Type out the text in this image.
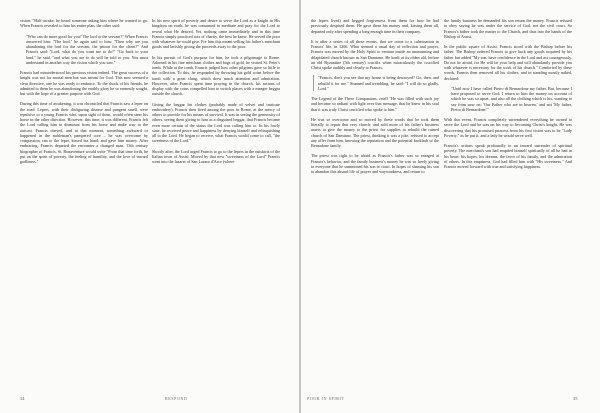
vision, "Half-awake, he heard someone asking him where he wanted to go. When Francis revealed to him his entire plan, the other said:

"Who can do more good for you? The lord or the servant?" When Francis answered him: "The lord," he again said to him: "Then why are you abandoning the lord for the servant, the patron for the client?" And Francis said: "Lord, what do you want me to do?" "Go back to your land," he said, "and what you are to do will be told to you. You must understand in another way the vision which you saw."

Francis had misunderstood his previous vision indeed. The great success of a knight was not for mortal men but was meant for God. This now seemed a clear directive, one he was ready to embrace. To the shock of his friends, he admitted to them he was abandoning the earthly glory he so earnestly sought, but with the hope of a greater purpose with God.

During this time of awakening, it was chronicled that Francis saw a leper on the road. Lepers, with their disfiguring disease and pungent smell, were repulsive to a young Francis who, upon sight of them, would often steer his horse in the other direction. However, this time, it was different. Francis felt the Lord calling him to dismount from his horse and make way to the outcast. Francis obeyed, and at that moment, something awkward or happened in the nobleman's pampered core – he was overcome by compassion, ran to the leper, kissed his hand, and gave him money. After embracing, Francis departed the encounter a changed man. 13th century biographer of Francis, St. Bonaventure would write "From that time forth, he put on the spirit of poverty, the feeling of humility, and the love of inward godliness."

In his new spirit of poverty and desire to serve the Lord as a knight in His kingdom on earth, he was consumed to meditate and pray for the Lord to reveal what He desired. Yet, nothing came immediately and in this time Francis simply practiced acts of charity, the best he knew. He served the poor with whatever he could give. For him this meant selling his father's merchant goods and lavishly giving the proceeds away to the poor.

In his pursuit of God's purpose for him, he took a pilgrimage to Rome. Adorned in his fine merchant clothes and bags of gold, he visited St. Peter's tomb. While at the tomb, Francis judged how other pilgrims gave so little to the collection. To this, he responded by throwing his gold coins before the tomb with a great clang, which drew much attention and admiration. However, after Francis spent time praying in the church, his actions of display with the coins compelled him to switch places with a meager beggar outside the church.

Giving the beggar his clothes (probably made of velvet and intricate embroidery), Francis then lived among the poor in Rome, at the mercy of others to provide for his means of survival. It was in seeing the generosity of others, seeing them giving to him as a disguised beggar, that Francis became even more certain of the status the Lord was calling him to. In his lowly state, he received peace and happiness by denying himself and relinquishing all to the Lord. He began to receive, what Francis would come to call, "the sweetness of the Lord."

Shortly after, the Lord urged Francis to go to the lepers in the outskirts of the Italian town of Assisi. Moved by that new "sweetness of the Lord" Francis went into the lazaret of San Lazaro d'Arce (where

34	RESPOND

the lepers lived) and begged forgiveness from them for how he had previously despised them. He gave them his money and, kissing them all, departed only after spending a long enough time in their company.

It is after a series of all these events, that we come to a culmination in Francis' life, in 1206. What seemed a usual day of reflection and prayer, Francis was moved by the Holy Spirit to venture inside an unassuming and dilapidated church known as San Damiano. He knelt at its olden old, before an old Byzantine (5th century) crucifix when miraculously the crucified Christ spoke audibly and clearly to Francis.

"Francis, don't you see that my house is being destroyed? Go, then, and rebuild it for me." Stunned and trembling, he said: "I will do so gladly, Lord."

The Legend of the Three Companions, retell "He was filled with such joy and became so radiant with light over that message, that he knew in his soul that it was truly Christ crucified who spoke to him."

He was so overcome and so moved by these words that he took them literally to repair that very church: and sold more of his father's business assets to give the money to the priest for supplies to rebuild the ruined church of San Damiano. The priest, thinking it was a joke, refused to accept any offer from him, knowing the reputation and the potential backlash of the Bernadone family.

The priest was right to be afraid as Francis's father was so enraged at Francis's behavior, and the family business's money he was so freely giving to everyone that he summoned his son to court. In hopes of shaming his son to abandon this absurd life of prayer and waywardness, and return to

the family business he demanded his son return the money. Francis refused to obey saying he was under the service of God, not the civil court. So Francis's father took the matter to the Church, and thus into the hands of the Bishop of Assisi.

In the public square of Assisi, Francis stood with the Bishop before his father. The Bishop ordered Francis to give back any goods acquired by his father but added "My son, have confidence in the Lord and act courageously. Do not be afraid, for He will be your help and will abundantly provide you with whatever is necessary for the work of his church." Comforted by these words, Francis then removed all his clothes, and in standing mostly naked, declared:

"Until now I have called Pietro di Bernardone my father. But, because I have proposed to serve God, I return to him the money on account of which he was so upset, and also all the clothing which is his, wanting to say from now on: 'Our Father who are in heaven,' and not 'My father, Pietro di Bernardone.'"

With this event, Francis completely surrendered everything he owned to serve the Lord and he was on his way to becoming Christ's knight. He was discovering that his promised princess from his first vision was to be "Lady Poverty," as he put it, and a lady he would serve well.

Francis's actions speak profoundly to an inward surrender of spiritual poverty. The merchant's son had emptied himself spiritually of all he had in his heart: his hopes, his dreams, the favor of his family, and the admiration of others. In this emptiness, God had filled him with "His sweetness." And Francis moved forward with true and satisfying happiness.

POOR IN SPIRIT	35
